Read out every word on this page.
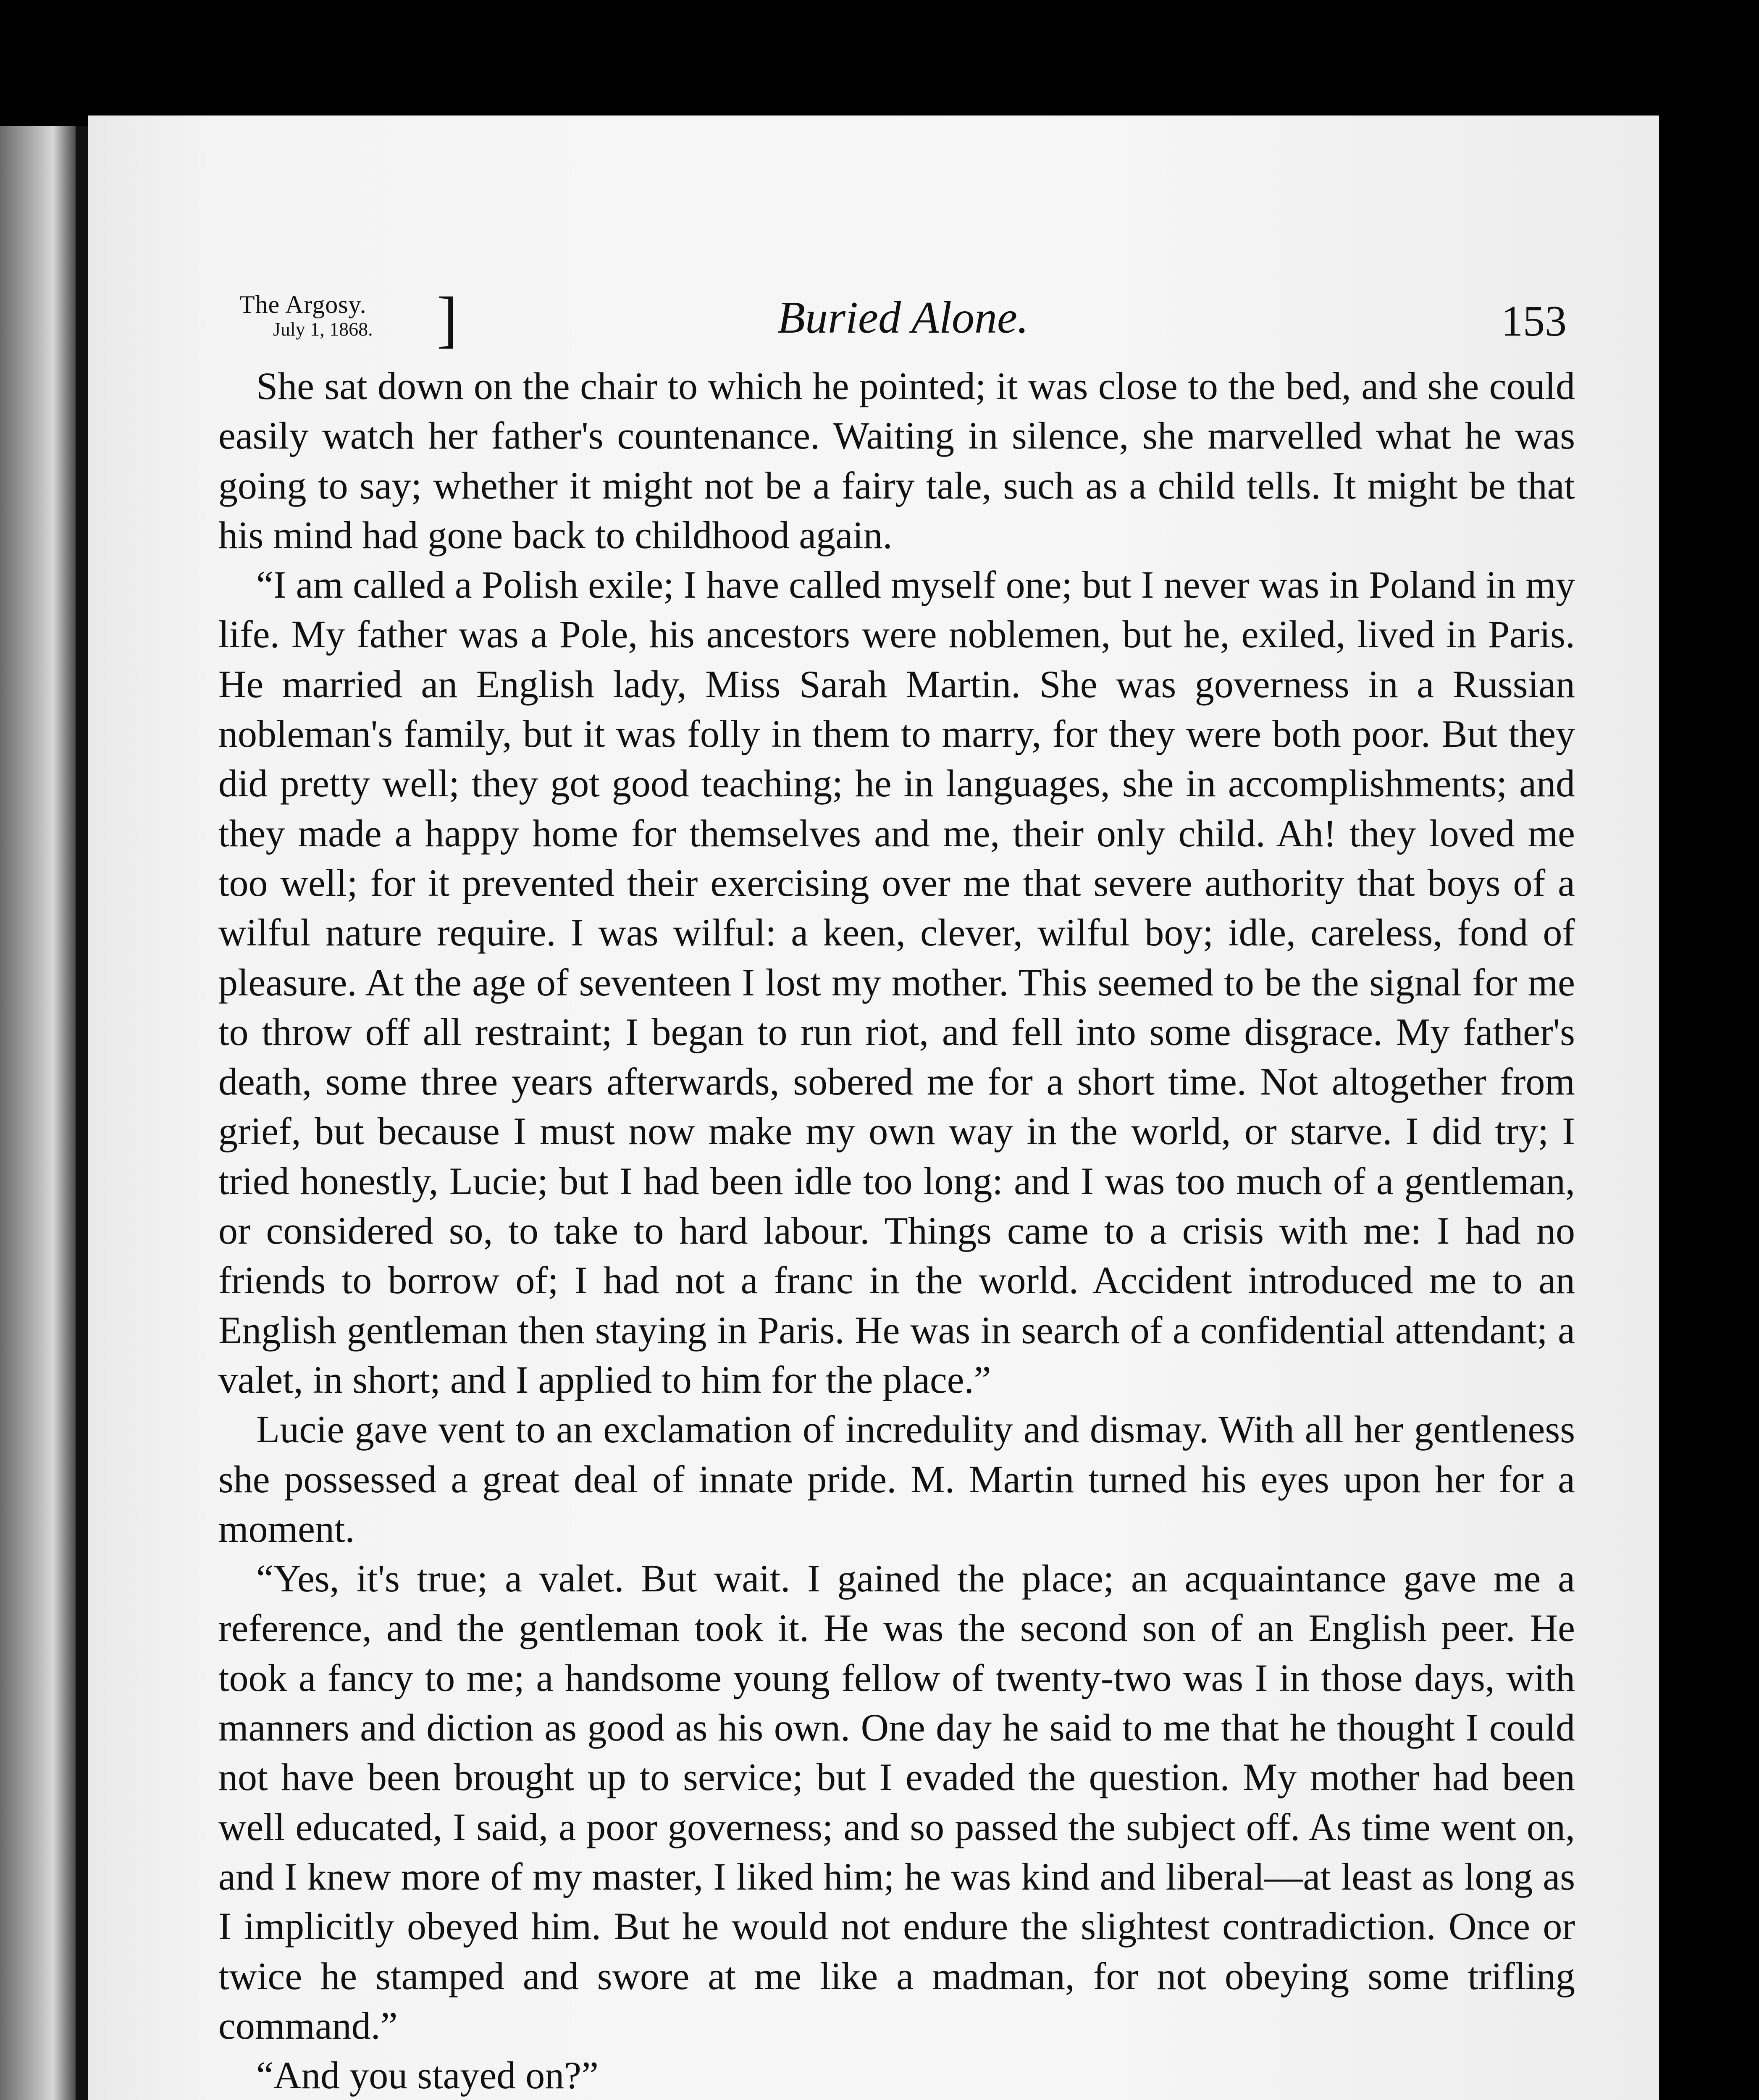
The Argosy.
July 1, 1868. ]	Buried Alone.	153

She sat down on the chair to which he pointed; it was close to the bed, and she could easily watch her father's countenance. Waiting in silence, she marvelled what he was going to say; whether it might not be a fairy tale, such as a child tells. It might be that his mind had gone back to childhood again.

“I am called a Polish exile; I have called myself one; but I never was in Poland in my life. My father was a Pole, his ancestors were noblemen, but he, exiled, lived in Paris. He married an English lady, Miss Sarah Martin. She was governess in a Russian nobleman's family, but it was folly in them to marry, for they were both poor. But they did pretty well; they got good teaching; he in languages, she in accomplishments; and they made a happy home for themselves and me, their only child. Ah! they loved me too well; for it prevented their exercising over me that severe authority that boys of a wilful nature require. I was wilful: a keen, clever, wilful boy; idle, careless, fond of pleasure. At the age of seventeen I lost my mother. This seemed to be the signal for me to throw off all restraint; I began to run riot, and fell into some disgrace. My father's death, some three years afterwards, sobered me for a short time. Not altogether from grief, but because I must now make my own way in the world, or starve. I did try; I tried honestly, Lucie; but I had been idle too long: and I was too much of a gentleman, or considered so, to take to hard labour. Things came to a crisis with me: I had no friends to borrow of; I had not a franc in the world. Accident introduced me to an English gentleman then staying in Paris. He was in search of a confidential attendant; a valet, in short; and I applied to him for the place.”

Lucie gave vent to an exclamation of incredulity and dismay. With all her gentleness she possessed a great deal of innate pride. M. Martin turned his eyes upon her for a moment.

“Yes, it's true; a valet. But wait. I gained the place; an acquaintance gave me a reference, and the gentleman took it. He was the second son of an English peer. He took a fancy to me; a handsome young fellow of twenty-two was I in those days, with manners and diction as good as his own. One day he said to me that he thought I could not have been brought up to service; but I evaded the question. My mother had been well educated, I said, a poor governess; and so passed the subject off. As time went on, and I knew more of my master, I liked him; he was kind and liberal—at least as long as I implicitly obeyed him. But he would not endure the slightest contradiction. Once or twice he stamped and swore at me like a madman, for not obeying some trifling command.”

“And you stayed on?”
